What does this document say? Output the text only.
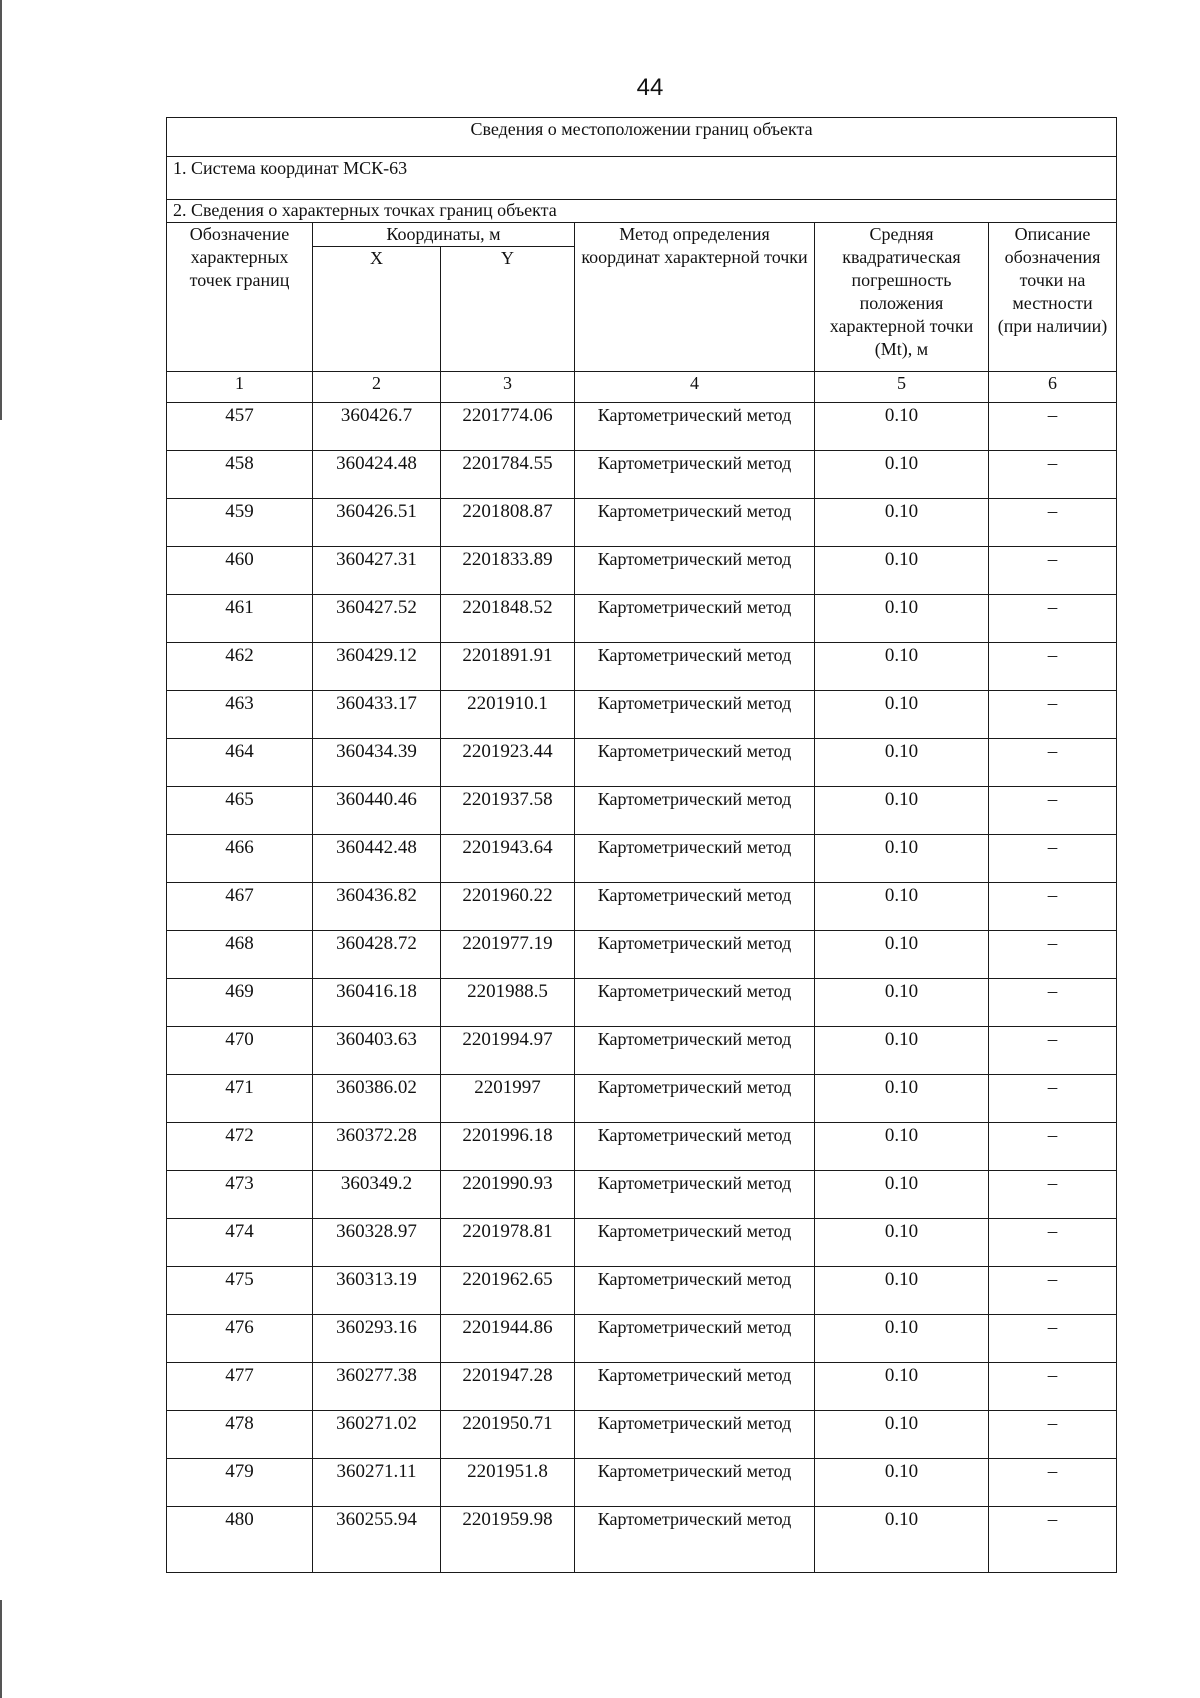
44
Сведения о местоположении границ объекта					
1. Система координат МСК-63					
2. Сведения о характерных точках границ объекта					
Обозначение характерных точек границ	Координаты, м		Метод определения координат характерной точки	Средняя квадратическая погрешность положения характерной точки (Mt), м	Описание обозначения точки на местности (при наличии)
	X	Y			
1	2	3	4	5	6
457	360426.7	2201774.06	Картометрический метод	0.10	–
458	360424.48	2201784.55	Картометрический метод	0.10	–
459	360426.51	2201808.87	Картометрический метод	0.10	–
460	360427.31	2201833.89	Картометрический метод	0.10	–
461	360427.52	2201848.52	Картометрический метод	0.10	–
462	360429.12	2201891.91	Картометрический метод	0.10	–
463	360433.17	2201910.1	Картометрический метод	0.10	–
464	360434.39	2201923.44	Картометрический метод	0.10	–
465	360440.46	2201937.58	Картометрический метод	0.10	–
466	360442.48	2201943.64	Картометрический метод	0.10	–
467	360436.82	2201960.22	Картометрический метод	0.10	–
468	360428.72	2201977.19	Картометрический метод	0.10	–
469	360416.18	2201988.5	Картометрический метод	0.10	–
470	360403.63	2201994.97	Картометрический метод	0.10	–
471	360386.02	2201997	Картометрический метод	0.10	–
472	360372.28	2201996.18	Картометрический метод	0.10	–
473	360349.2	2201990.93	Картометрический метод	0.10	–
474	360328.97	2201978.81	Картометрический метод	0.10	–
475	360313.19	2201962.65	Картометрический метод	0.10	–
476	360293.16	2201944.86	Картометрический метод	0.10	–
477	360277.38	2201947.28	Картометрический метод	0.10	–
478	360271.02	2201950.71	Картометрический метод	0.10	–
479	360271.11	2201951.8	Картометрический метод	0.10	–
480	360255.94	2201959.98	Картометрический метод	0.10	–
